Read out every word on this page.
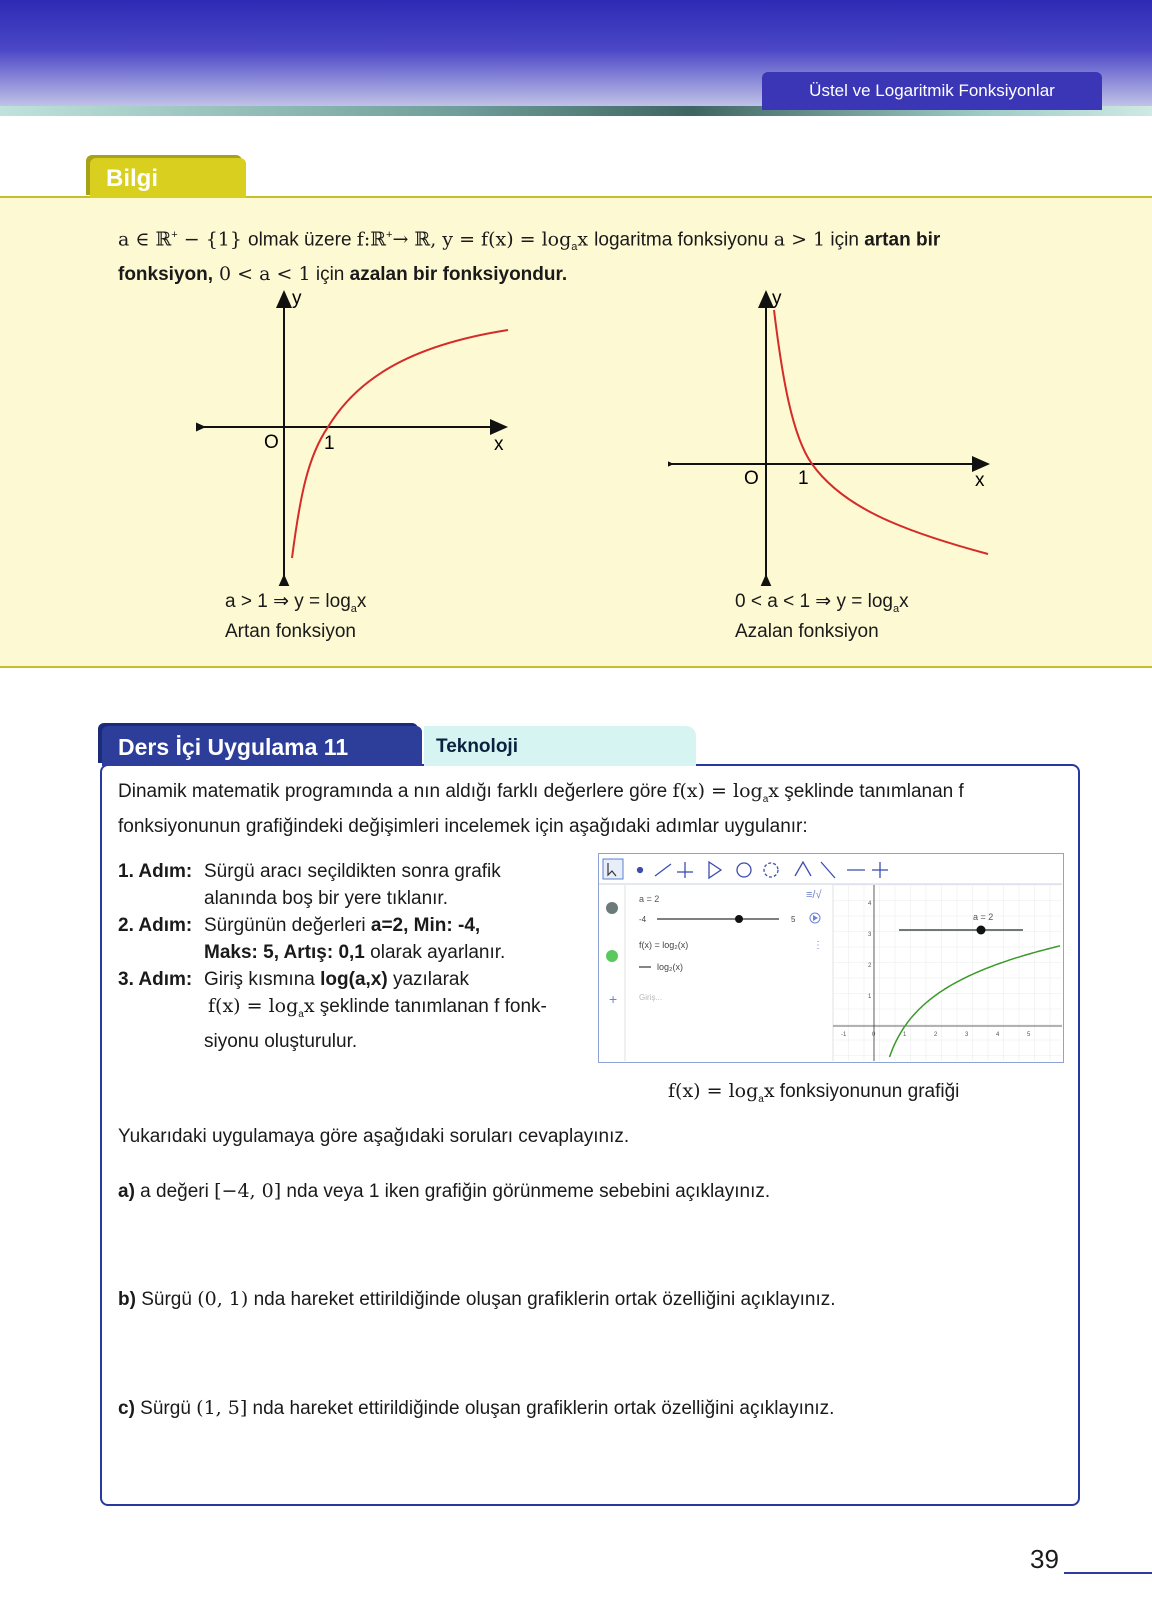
Üstel ve Logaritmik Fonksiyonlar
Bilgi
a ∈ ℝ+ − {1} olmak üzere f:ℝ+→ ℝ, $y = f(x) = \log_ax$ logaritma fonksiyonu a > 1 için artan bir fonksiyon, 0 < a < 1 için azalan bir fonksiyondur.
y
x
O 1
a > 1 ⇒ $y = \log_ax$
Artan fonksiyon
y
x
O 1
0 < a < 1 ⇒ $y = \log_ax$
Azalan fonksiyon
Ders İçi Uygulama 11	Teknoloji
Dinamik matematik programında a nın aldığı farklı değerlere göre $f(x) = \log_ax$ şeklinde tanımlanan f fonksiyonunun grafiğindeki değişimleri incelemek için aşağıdaki adımlar uygulanır:
1. Adım: Sürgü aracı seçildikten sonra grafik
alanında boş bir yere tıklanır.
2. Adım: Sürgünün değerleri a=2, Min: -4,
Maks: 5, Artış: 0,1 olarak ayarlanır.
3. Adım: Giriş kısmına log(a,x) yazılarak
$f(x) = \log_ax$ şeklinde tanımlanan f fonk-
siyonu oluşturulur.
+
a = 2
-4	5
f(x) = log₂(x)
log₂(x)
Giriş...
≡/√
⋮
4
3
2
1
-1	0	1	2	3	4	5
a = 2
$f(x) = \log_ax$ fonksiyonunun grafiği
Yukarıdaki uygulamaya göre aşağıdaki soruları cevaplayınız.
a) a değeri [−4, 0] nda veya 1 iken grafiğin görünmeme sebebini açıklayınız.
b) Sürgü (0, 1) nda hareket ettirildiğinde oluşan grafiklerin ortak özelliğini açıklayınız.
c) Sürgü (1, 5] nda hareket ettirildiğinde oluşan grafiklerin ortak özelliğini açıklayınız.
39
